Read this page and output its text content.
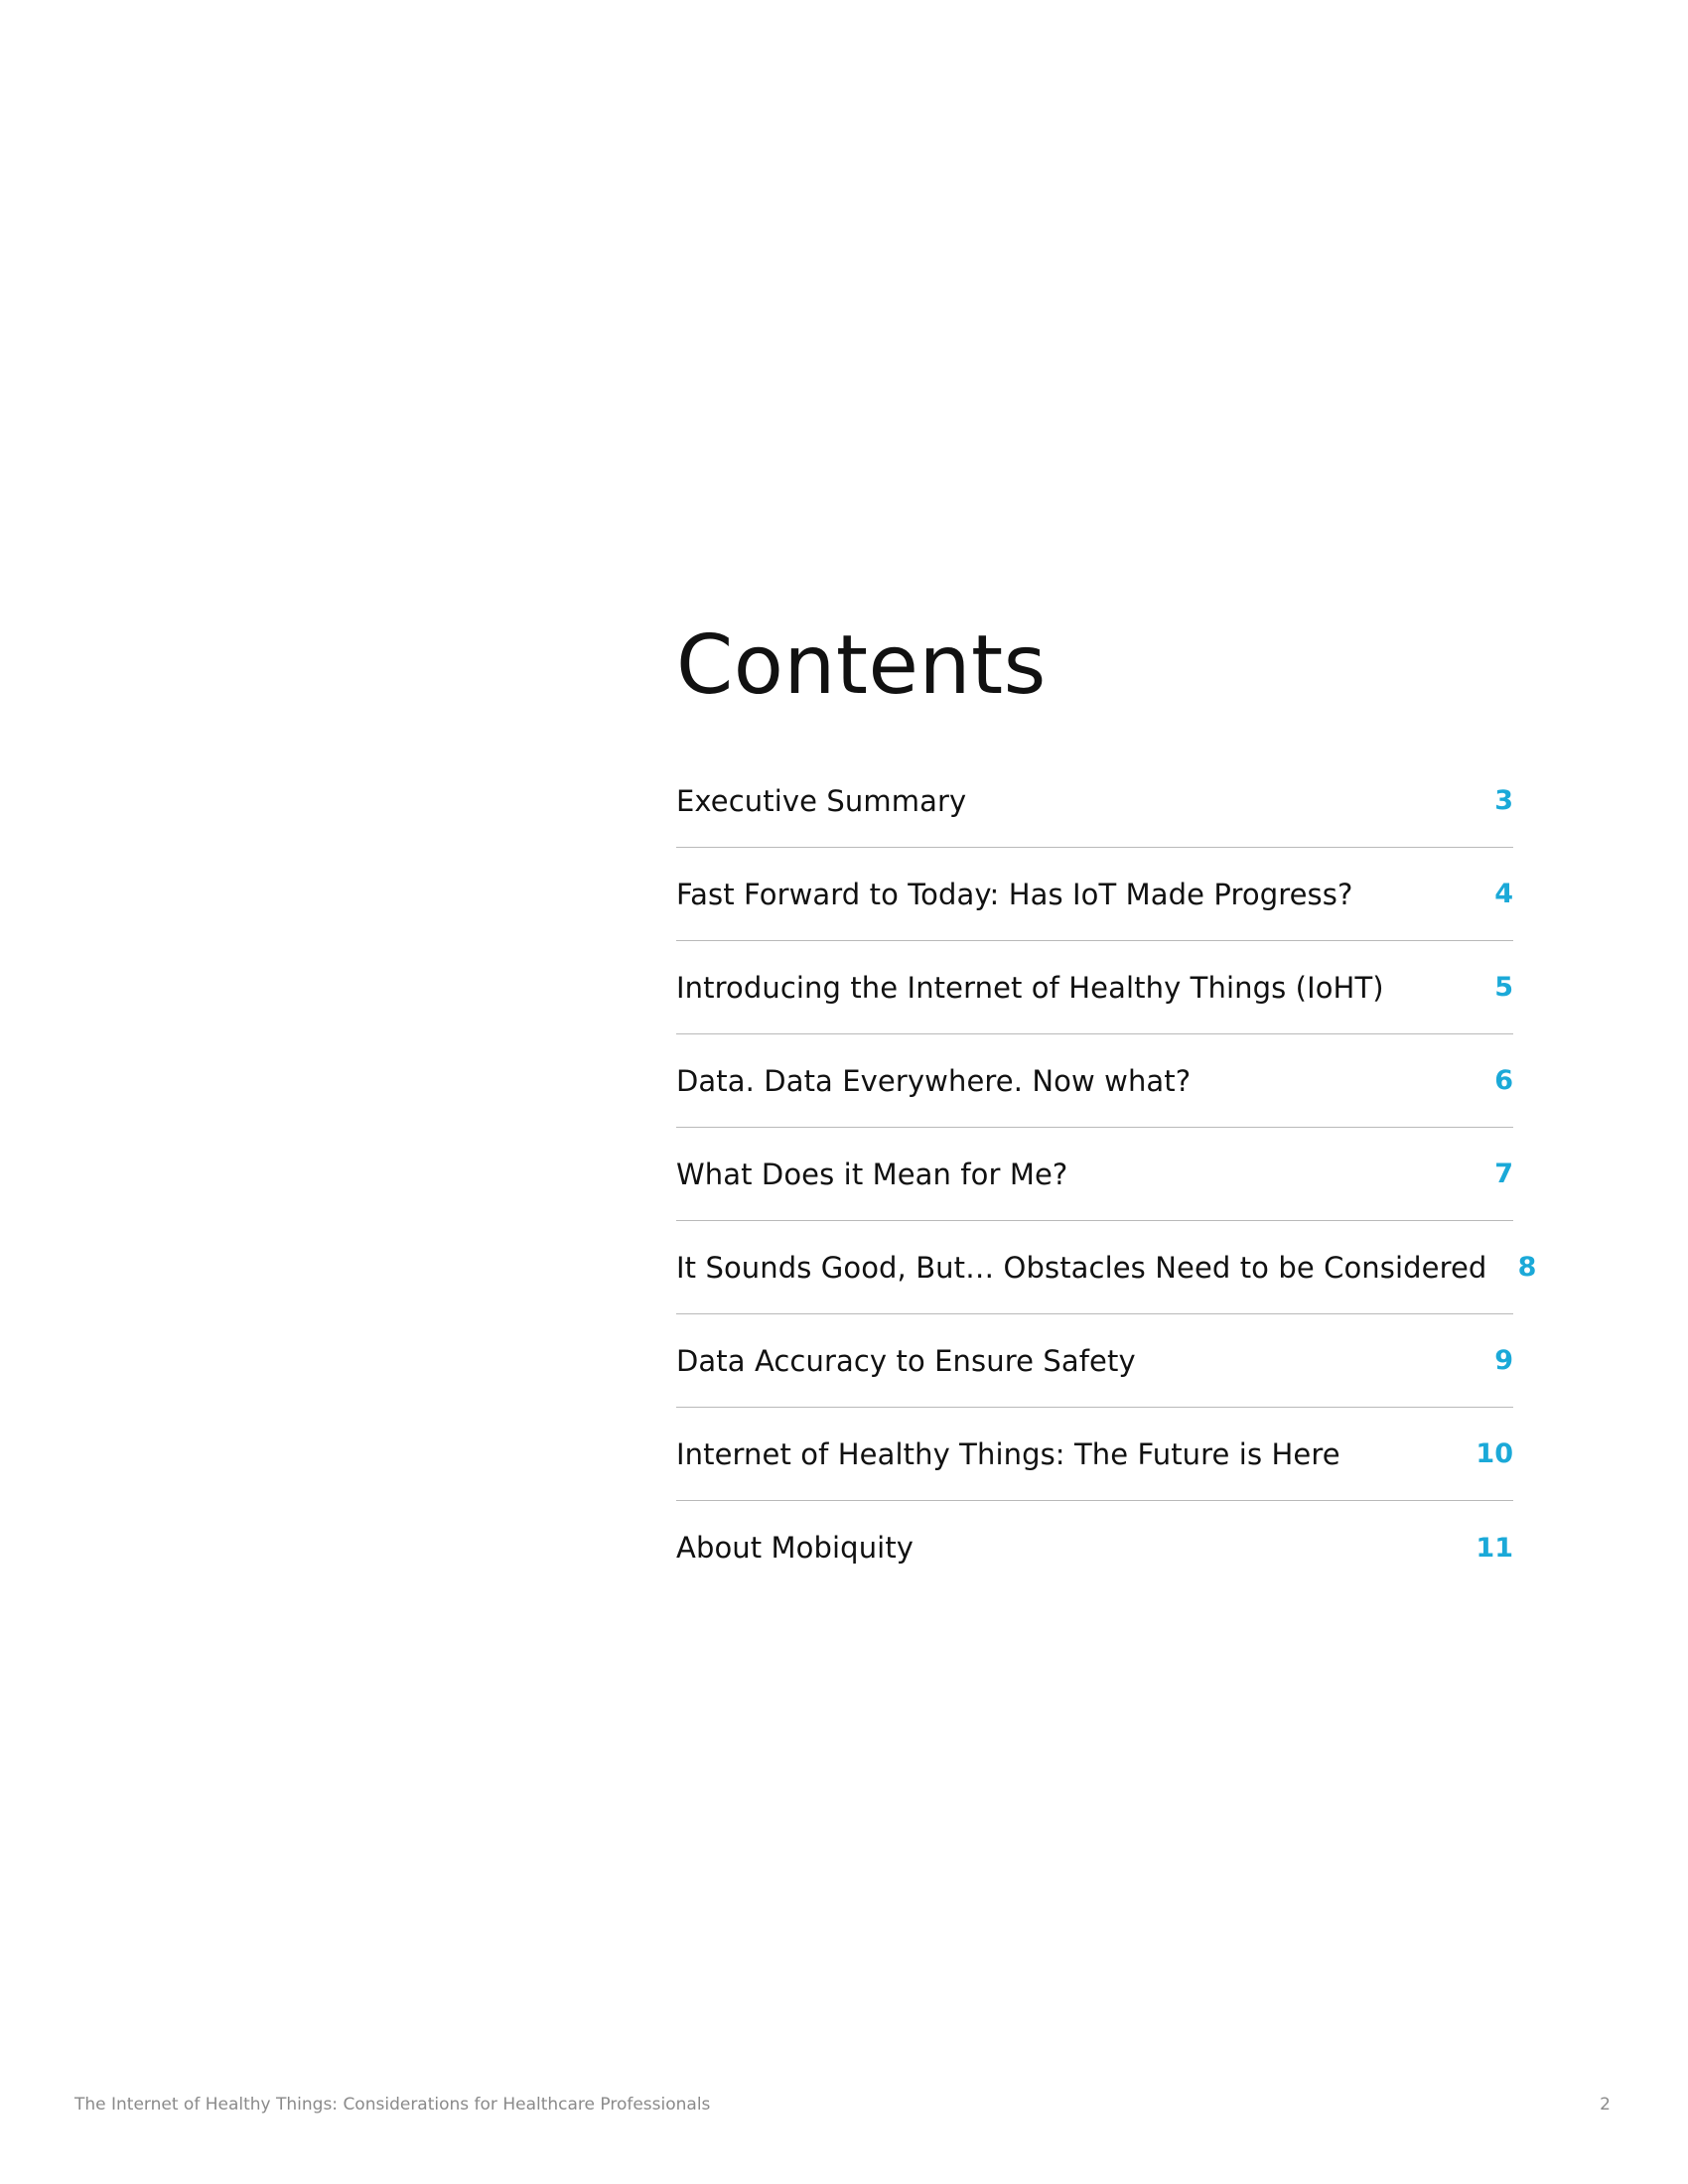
Contents
Executive Summary	3
Fast Forward to Today: Has IoT Made Progress?	4
Introducing the Internet of Healthy Things (IoHT)	5
Data. Data Everywhere. Now what?	6
What Does it Mean for Me?	7
It Sounds Good, But… Obstacles Need to be Considered	8
Data Accuracy to Ensure Safety	9
Internet of Healthy Things: The Future is Here	10
About Mobiquity	11
The Internet of Healthy Things: Considerations for Healthcare Professionals	2
